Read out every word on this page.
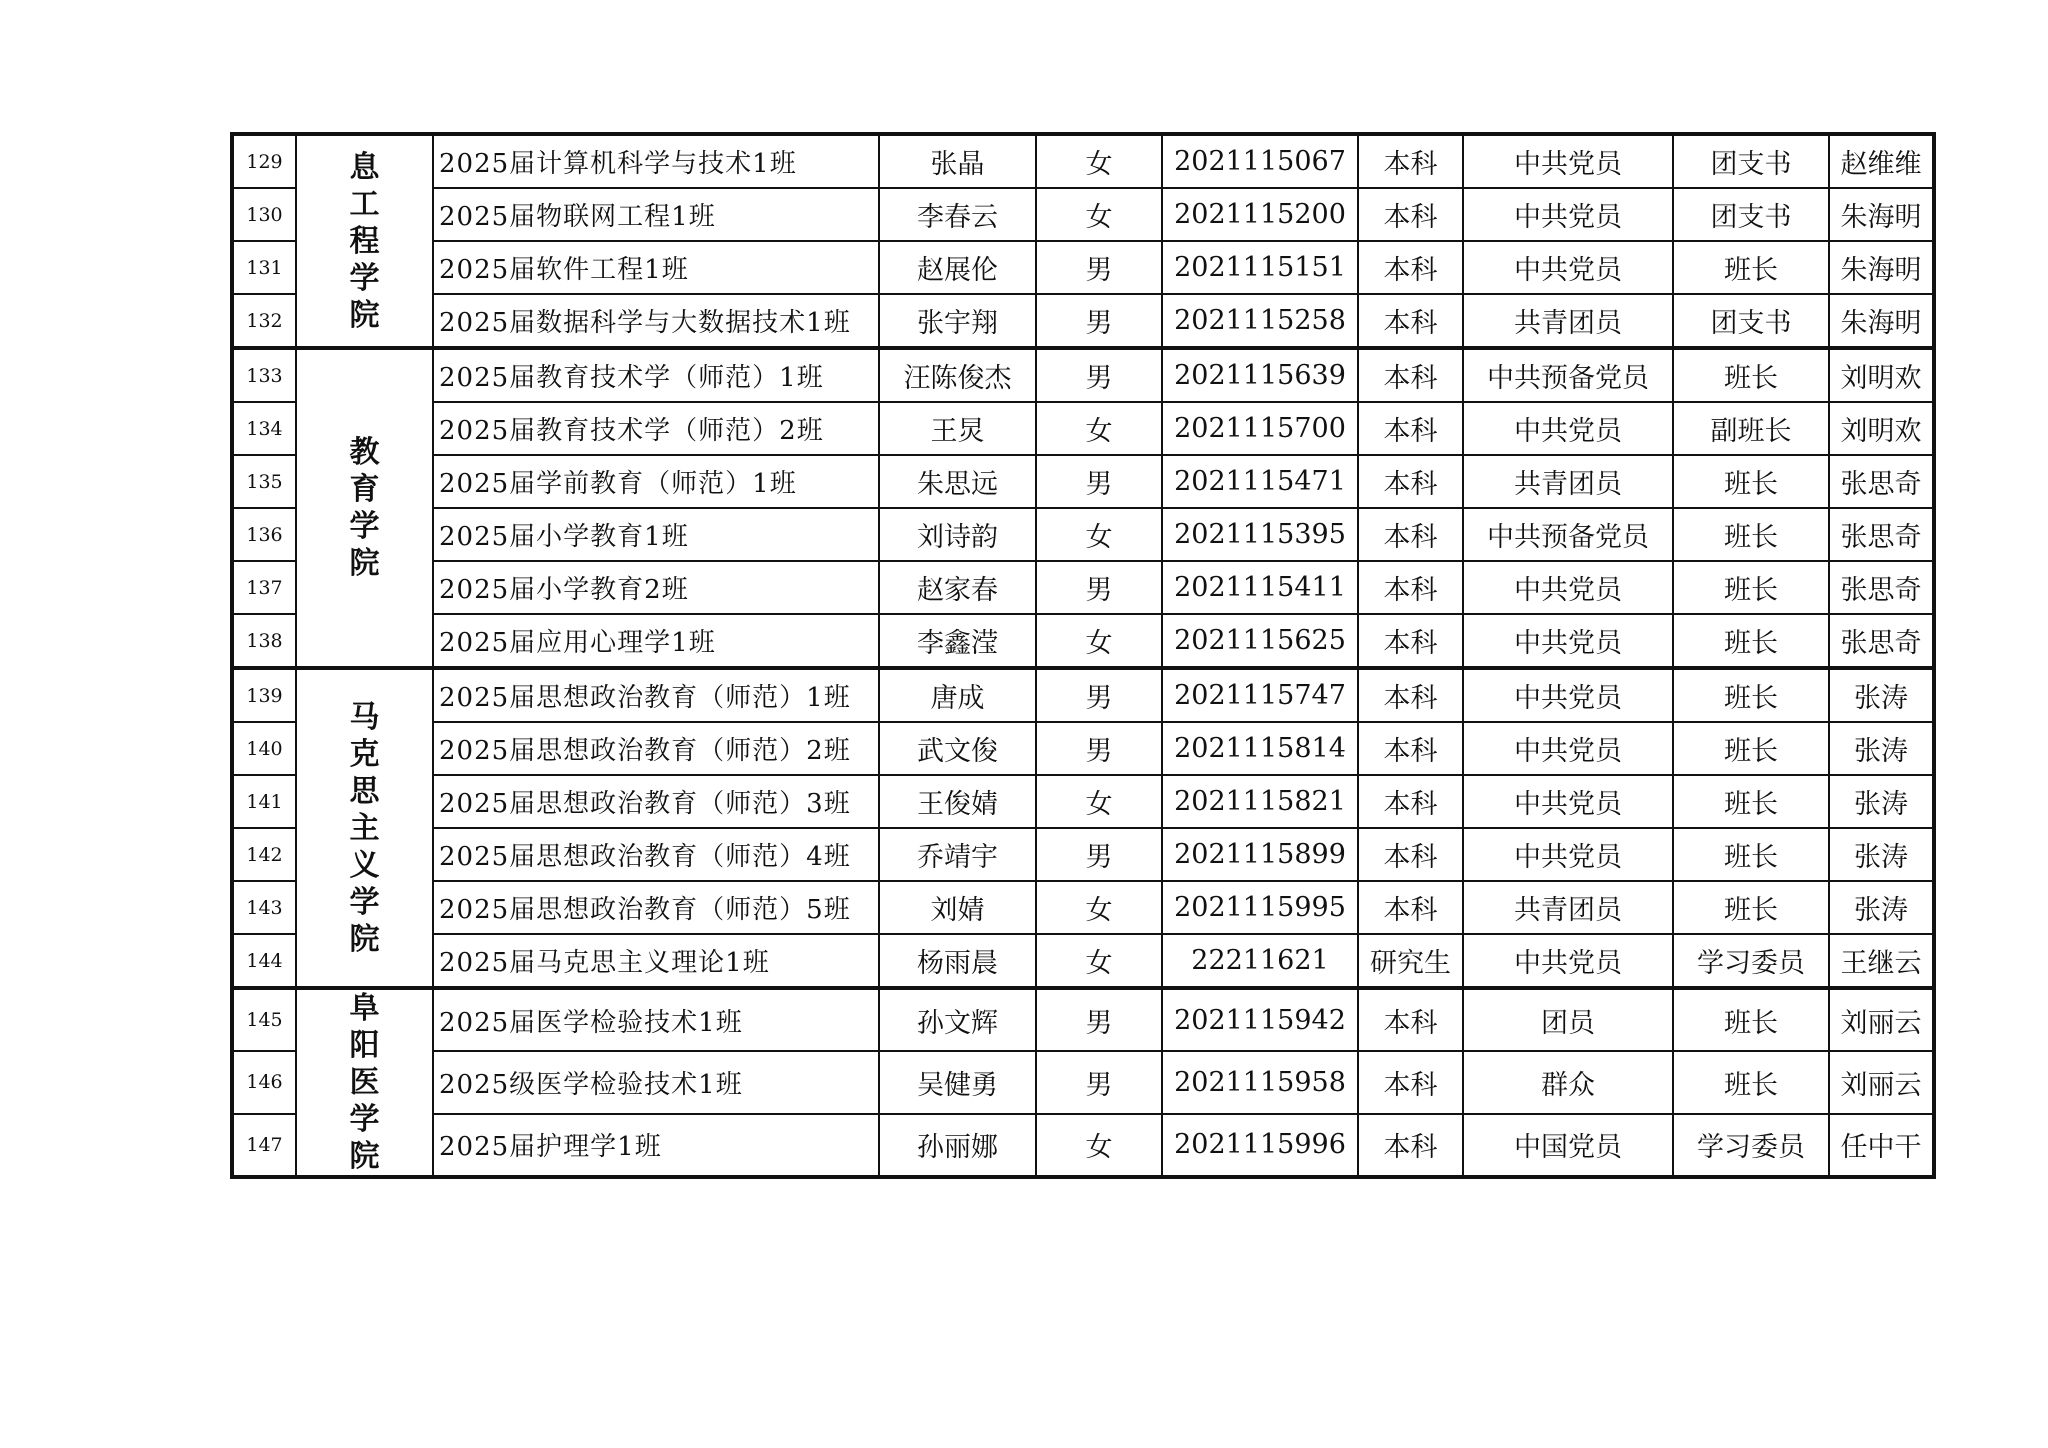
129	息工程学院	2025届计算机科学与技术1班	张晶	女	2021115067	本科	中共党员	团支书	赵维维
130		2025届物联网工程1班	李春云	女	2021115200	本科	中共党员	团支书	朱海明
131		2025届软件工程1班	赵展伦	男	2021115151	本科	中共党员	班长	朱海明
132		2025届数据科学与大数据技术1班	张宇翔	男	2021115258	本科	共青团员	团支书	朱海明
133	教育学院	2025届教育技术学（师范）1班	汪陈俊杰	男	2021115639	本科	中共预备党员	班长	刘明欢
134		2025届教育技术学（师范）2班	王炅	女	2021115700	本科	中共党员	副班长	刘明欢
135		2025届学前教育（师范）1班	朱思远	男	2021115471	本科	共青团员	班长	张思奇
136		2025届小学教育1班	刘诗韵	女	2021115395	本科	中共预备党员	班长	张思奇
137		2025届小学教育2班	赵家春	男	2021115411	本科	中共党员	班长	张思奇
138		2025届应用心理学1班	李鑫滢	女	2021115625	本科	中共党员	班长	张思奇
139	马克思主义学院	2025届思想政治教育（师范）1班	唐成	男	2021115747	本科	中共党员	班长	张涛
140		2025届思想政治教育（师范）2班	武文俊	男	2021115814	本科	中共党员	班长	张涛
141		2025届思想政治教育（师范）3班	王俊婧	女	2021115821	本科	中共党员	班长	张涛
142		2025届思想政治教育（师范）4班	乔靖宇	男	2021115899	本科	中共党员	班长	张涛
143		2025届思想政治教育（师范）5班	刘婧	女	2021115995	本科	共青团员	班长	张涛
144		2025届马克思主义理论1班	杨雨晨	女	22211621	研究生	中共党员	学习委员	王继云
145	阜阳医学院	2025届医学检验技术1班	孙文辉	男	2021115942	本科	团员	班长	刘丽云
146		2025级医学检验技术1班	吴健勇	男	2021115958	本科	群众	班长	刘丽云
147		2025届护理学1班	孙丽娜	女	2021115996	本科	中国党员	学习委员	任中干
